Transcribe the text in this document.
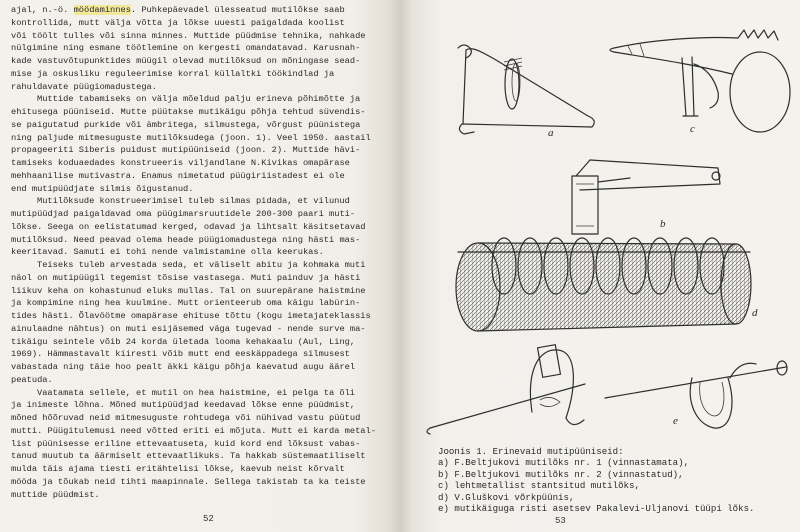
ajal, n.-ö. möödaminnes. Puhkepäevadel ülesseatud mutilõkse saab
kontrollida, mutt välja võtta ja lõkse uuesti paigaldada koolist
või töölt tulles või sinna minnes. Muttide püüdmise tehnika, nahkade
nülgimine ning esmane töötlemine on kergesti omandatavad. Karusnah-
kade vastuvõtupunktides müügil olevad mutilõksud on mõningase sead-
mise ja oskusliku reguleerimise korral küllaltki töökindlad ja
rahuldavate püügiomadustega.
Muttide tabamiseks on välja mõeldud palju erineva põhimõtte ja
ehitusega püüniseid. Mutte püütakse mutikäigu põhja tehtud süvendis-
se paigutatud purkide või ämbritega, silmustega, võrgust püünistega
ning paljude mitmesuguste mutilõksudega (joon. 1). Veel 1950. aastail
propageeriti Siberis puidust mutipüüniseid (joon. 2). Muttide hävi-
tamiseks koduaedades konstrueeris viljandlane N.Kivikas omapärase
mehhaanilise mutivastra. Enamus nimetatud püügiriistadest ei ole
end mutipüüdjate silmis õigustanud.
Mutilõksude konstrueerimisel tuleb silmas pidada, et vilunud
mutipüüdjad paigaldavad oma püügimarsruutidele 200-300 paari muti-
lõkse. Seega on eelistatumad kerged, odavad ja lihtsalt käsitsetavad
mutilõksud. Need peavad olema heade püügiomadustega ning hästi mas-
keeritavad. Samuti ei tohi nende valmistamine olla keerukas.
Teiseks tuleb arvestada seda, et väliselt abitu ja kohmaka muti
näol on mutipüügil tegemist tõsise vastasega. Muti painduv ja hästi
liikuv keha on kohastunud eluks mullas. Tal on suurepärane haistmine
ja kompimine ning hea kuulmine. Mutt orienteerub oma käigu labürin-
tides hästi. Õlavöötme omapärase ehituse tõttu (kogu imetajateklassis
ainulaadne nähtus) on muti esijäsemed väga tugevad - nende surve ma-
tikäigu seintele võib 24 korda ületada looma kehakaalu (Aul, Ling,
1969). Hämmastavalt kiiresti võib mutt end eeskäppadega silmusest
vabastada ning täie hoo pealt äkki käigu põhja kaevatud augu äärel
peatuda.
Vaatamata sellele, et mutil on hea haistmine, ei pelga ta õli
ja inimeste lõhna. Mõned mutipüüdjad keedavad lõkse enne püüdmist,
mõned hõõruvad neid mitmesuguste rohtudega või nühivad vastu püütud
mutti. Püügitulemusi need võtted eriti ei mõjuta. Mutt ei karda metal-
list püünisesse eriline ettevaatuseta, kuid kord end lõksust vabas-
tanud muutub ta äärmiselt ettevaatlikuks. Ta hakkab süstemaatiliselt
mulda täis ajama tiesti eritähtelisi lõkse, kaevub neist kõrvalt
mööda ja tõukab neid tihti maapinnale. Sellega takistab ta ka teiste
muttide püüdmist.
52
a	c
b
d
e
Joonis 1. Erinevaid mutipüüniseid:
a) F.Beltjukovi mutilõks nr. 1 (vinnastamata),
b) F.Beltjukovi mutilõks nr. 2 (vinnastatud),
c) lehtmetallist stantsitud mutilõks,
d) V.Gluškovi võrkpüünis,
e) mutikäiguga risti asetsev Pakalevi-Uljanovi tüüpi lõks.
53
